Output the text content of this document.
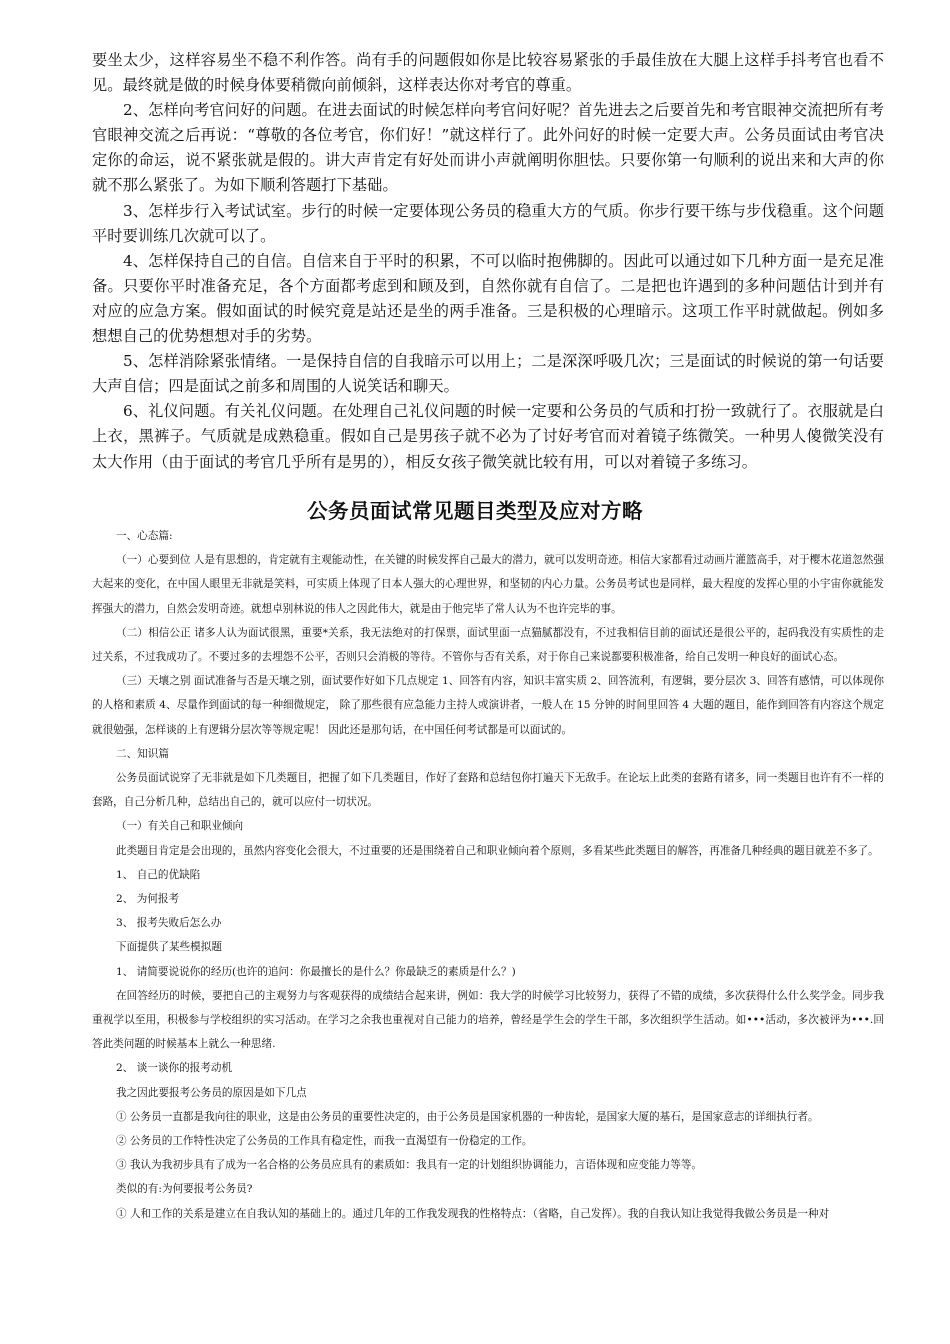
要坐太少，这样容易坐不稳不利作答。尚有手的问题假如你是比较容易紧张的手最佳放在大腿上这样手抖考官也看不见。最终就是做的时候身体要稍微向前倾斜，这样表达你对考官的尊重。

2、怎样向考官问好的问题。在进去面试的时候怎样向考官问好呢？首先进去之后要首先和考官眼神交流把所有考官眼神交流之后再说：“尊敬的各位考官，你们好！”就这样行了。此外问好的时候一定要大声。公务员面试由考官决定你的命运，说不紧张就是假的。讲大声肯定有好处而讲小声就阐明你胆怯。只要你第一句顺利的说出来和大声的你就不那么紧张了。为如下顺利答题打下基础。

3、怎样步行入考试试室。步行的时候一定要体现公务员的稳重大方的气质。你步行要干练与步伐稳重。这个问题平时要训练几次就可以了。

4、怎样保持自己的自信。自信来自于平时的积累，不可以临时抱佛脚的。因此可以通过如下几种方面一是充足准备。只要你平时准备充足，各个方面都考虑到和顾及到，自然你就有自信了。二是把也许遇到的多种问题估计到并有对应的应急方案。假如面试的时候究竟是站还是坐的两手准备。三是积极的心理暗示。这项工作平时就做起。例如多想想自己的优势想想对手的劣势。

5、怎样消除紧张情绪。一是保持自信的自我暗示可以用上；二是深深呼吸几次；三是面试的时候说的第一句话要大声自信；四是面试之前多和周围的人说笑话和聊天。

6、礼仪问题。有关礼仪问题。在处理自己礼仪问题的时候一定要和公务员的气质和打扮一致就行了。衣服就是白上衣，黑裤子。气质就是成熟稳重。假如自己是男孩子就不必为了讨好考官而对着镜子练微笑。一种男人傻微笑没有太大作用（由于面试的考官几乎所有是男的），相反女孩子微笑就比较有用，可以对着镜子多练习。

公务员面试常见题目类型及应对方略

一、心态篇:

（一）心要到位 人是有思想的，肯定就有主观能动性，在关键的时候发挥自己最大的潜力，就可以发明奇迹。相信大家都看过动画片灌篮高手，对于樱木花道忽然强大起来的变化，在中国人眼里无非就是笑料，可实质上体现了日本人强大的心理世界，和坚韧的内心力量。公务员考试也是同样，最大程度的发挥心里的小宇宙你就能发挥强大的潜力，自然会发明奇迹。就想卓别林说的伟人之因此伟大，就是由于他完毕了常人认为不也许完毕的事。

（二）相信公正 诸多人认为面试很黑，重要*关系，我无法绝对的打保票，面试里面一点猫腻都没有，不过我相信目前的面试还是很公平的，起码我没有实质性的走过关系，不过我成功了。不要过多的去埋怨不公平，否则只会消极的等待。不管你与否有关系，对于你自己来说都要积极准备，给自己发明一种良好的面试心态。

（三）天壤之别 面试准备与否是天壤之别，面试要作好如下几点规定 1、回答有内容，知识丰富实质 2、回答流利，有逻辑，要分层次 3、回答有感情，可以体现你的人格和素质 4、尽量作到面试的每一种细微规定， 除了那些很有应急能力主持人或演讲者，一般人在 15 分钟的时间里回答 4 大题的题目，能作到回答有内容这个规定就很勉强，怎样谈的上有逻辑分层次等等规定呢！ 因此还是那句话，在中国任何考试都是可以面试的。

二、知识篇

公务员面试说穿了无非就是如下几类题目，把握了如下几类题目，作好了套路和总结包你打遍天下无敌手。在论坛上此类的套路有诸多，同一类题目也许有不一样的套路，自己分析几种，总结出自己的，就可以应付一切状况。

（一）有关自己和职业倾向

此类题目肯定是会出现的，虽然内容变化会很大，不过重要的还是围绕着自己和职业倾向着个原则，多看某些此类题目的解答，再准备几种经典的题目就差不多了。

1、 自己的优缺陷

2、 为何报考

3、 报考失败后怎么办

下面提供了某些模拟题

1、 请简要说说你的经历(也许的追问：你最擅长的是什么？你最缺乏的素质是什么？)

在回答经历的时候，要把自己的主观努力与客观获得的成绩结合起来讲，例如：我大学的时候学习比较努力，获得了不错的成绩，多次获得什么什么奖学金。同步我重视学以至用，积极参与学校组织的实习活动。在学习之余我也重视对自己能力的培养，曾经是学生会的学生干部，多次组织学生活动。如•••活动，多次被评为•••.回答此类问题的时候基本上就么一种思绪.

2、 谈一谈你的报考动机

我之因此要报考公务员的原因是如下几点

① 公务员一直都是我向往的职业，这是由公务员的重要性决定的，由于公务员是国家机器的一种齿轮，是国家大厦的基石，是国家意志的详细执行者。

② 公务员的工作特性决定了公务员的工作具有稳定性，而我一直渴望有一份稳定的工作。

③ 我认为我初步具有了成为一名合格的公务员应具有的素质如：我具有一定的计划组织协调能力，言语体现和应变能力等等。

类似的有:为何要报考公务员?

① 人和工作的关系是建立在自我认知的基础上的。通过几年的工作我发现我的性格特点：（省略，自己发挥）。我的自我认知让我觉得我做公务员是一种对
